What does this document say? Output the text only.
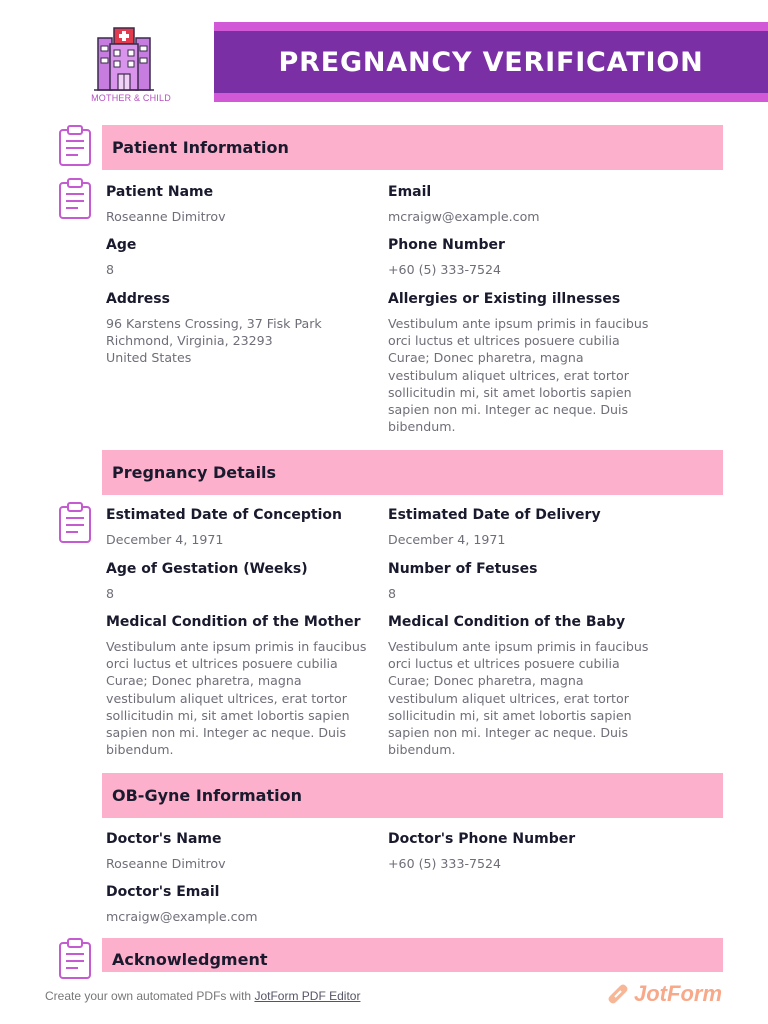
MOTHER & CHILD
PREGNANCY VERIFICATION
Patient Information
Patient Name
Roseanne Dimitrov
Email
mcraigw@example.com
Age
8
Phone Number
+60 (5) 333-7524
Address
96 Karstens Crossing, 37 Fisk Park
Richmond, Virginia, 23293
United States
Allergies or Existing illnesses
Vestibulum ante ipsum primis in faucibus
orci luctus et ultrices posuere cubilia
Curae; Donec pharetra, magna
vestibulum aliquet ultrices, erat tortor
sollicitudin mi, sit amet lobortis sapien
sapien non mi. Integer ac neque. Duis
bibendum.
Pregnancy Details
Estimated Date of Conception
December 4, 1971
Estimated Date of Delivery
December 4, 1971
Age of Gestation (Weeks)
8
Number of Fetuses
8
Medical Condition of the Mother
Vestibulum ante ipsum primis in faucibus
orci luctus et ultrices posuere cubilia
Curae; Donec pharetra, magna
vestibulum aliquet ultrices, erat tortor
sollicitudin mi, sit amet lobortis sapien
sapien non mi. Integer ac neque. Duis
bibendum.
Medical Condition of the Baby
Vestibulum ante ipsum primis in faucibus
orci luctus et ultrices posuere cubilia
Curae; Donec pharetra, magna
vestibulum aliquet ultrices, erat tortor
sollicitudin mi, sit amet lobortis sapien
sapien non mi. Integer ac neque. Duis
bibendum.
OB-Gyne Information
Doctor's Name
Roseanne Dimitrov
Doctor's Phone Number
+60 (5) 333-7524
Doctor's Email
mcraigw@example.com
Acknowledgment
Create your own automated PDFs with JotForm PDF Editor	JotForm
